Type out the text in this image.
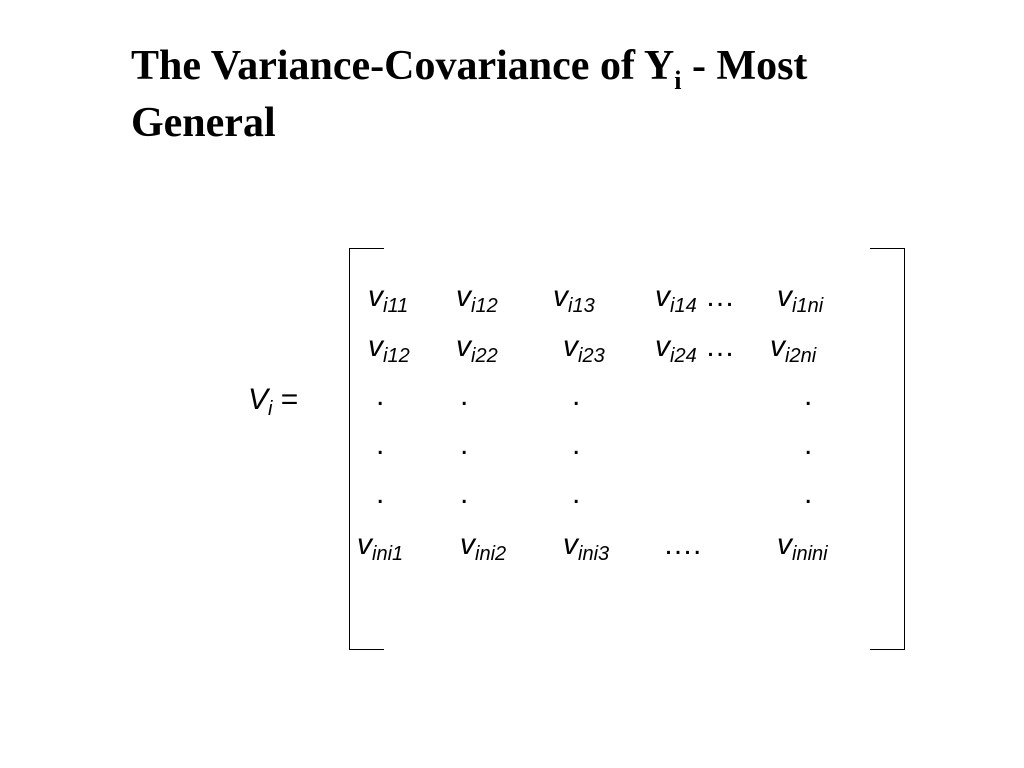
The Variance-Covariance of $Y_i$ - Most General
$V_i$ =
$v_{i11}$ $v_{i12}$ $v_{i13}$ $v_{i14}$ … $v_{i1ni}$
$v_{i12}$ $v_{i22}$ $v_{i23}$ $v_{i24}$ … $v_{i2ni}$
.	.	.	.
.	.	.	.
.	.	.	.
$v_{ini1}$ $v_{ini2}$ $v_{ini3}$ ….	$v_{inini}$
